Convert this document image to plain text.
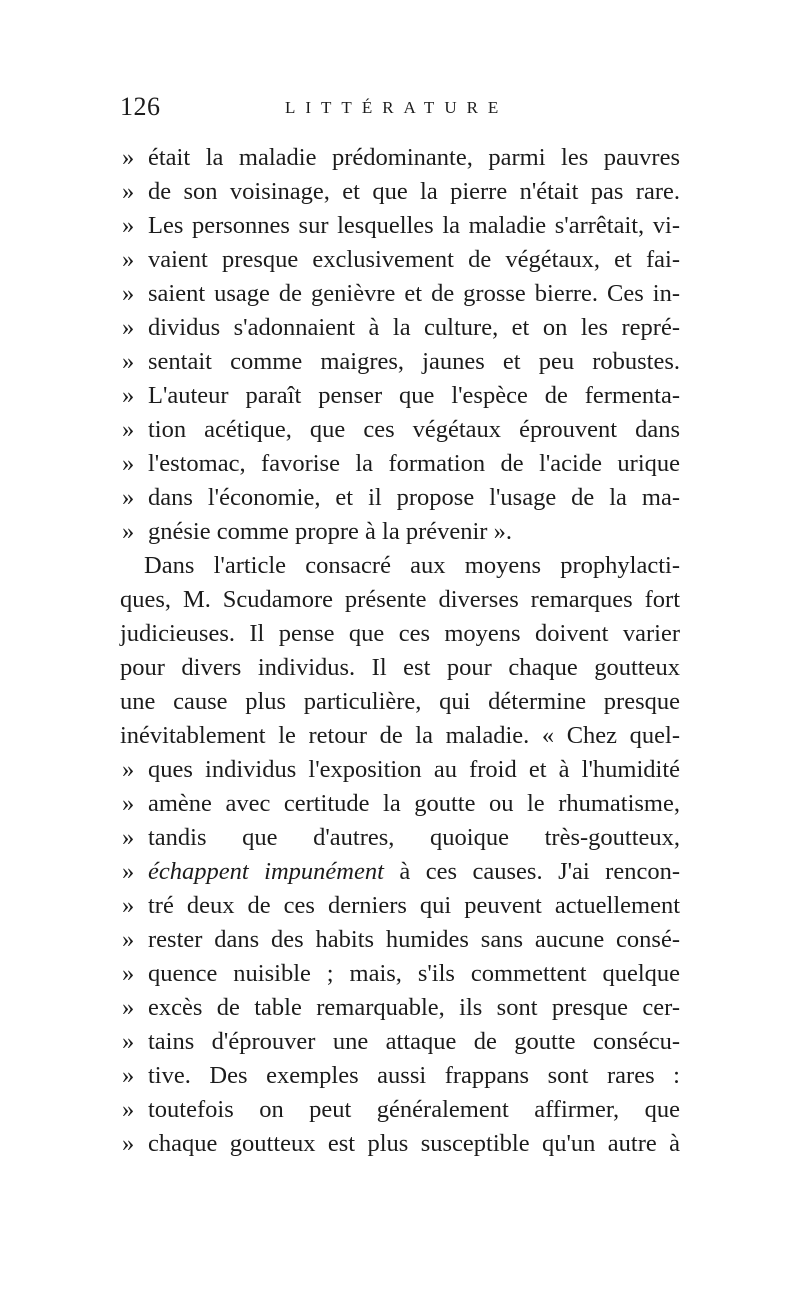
126	LITTÉRATURE
» était la maladie prédominante, parmi les pauvres
» de son voisinage, et que la pierre n'était pas rare.
» Les personnes sur lesquelles la maladie s'arrêtait, vi-
» vaient presque exclusivement de végétaux, et fai-
» saient usage de genièvre et de grosse bierre. Ces in-
» dividus s'adonnaient à la culture, et on les repré-
» sentait comme maigres, jaunes et peu robustes.
» L'auteur paraît penser que l'espèce de fermenta-
» tion acétique, que ces végétaux éprouvent dans
» l'estomac, favorise la formation de l'acide urique
» dans l'économie, et il propose l'usage de la ma-
» gnésie comme propre à la prévenir ».
Dans l'article consacré aux moyens prophylacti-
ques, M. Scudamore présente diverses remarques fort
judicieuses. Il pense que ces moyens doivent varier
pour divers individus. Il est pour chaque goutteux
une cause plus particulière, qui détermine presque
inévitablement le retour de la maladie. « Chez quel-
» ques individus l'exposition au froid et à l'humidité
» amène avec certitude la goutte ou le rhumatisme,
» tandis que d'autres, quoique très-goutteux,
» échappent impunément à ces causes. J'ai rencon-
» tré deux de ces derniers qui peuvent actuellement
» rester dans des habits humides sans aucune consé-
» quence nuisible ; mais, s'ils commettent quelque
» excès de table remarquable, ils sont presque cer-
» tains d'éprouver une attaque de goutte consécu-
» tive. Des exemples aussi frappans sont rares :
» toutefois on peut généralement affirmer, que
» chaque goutteux est plus susceptible qu'un autre à
